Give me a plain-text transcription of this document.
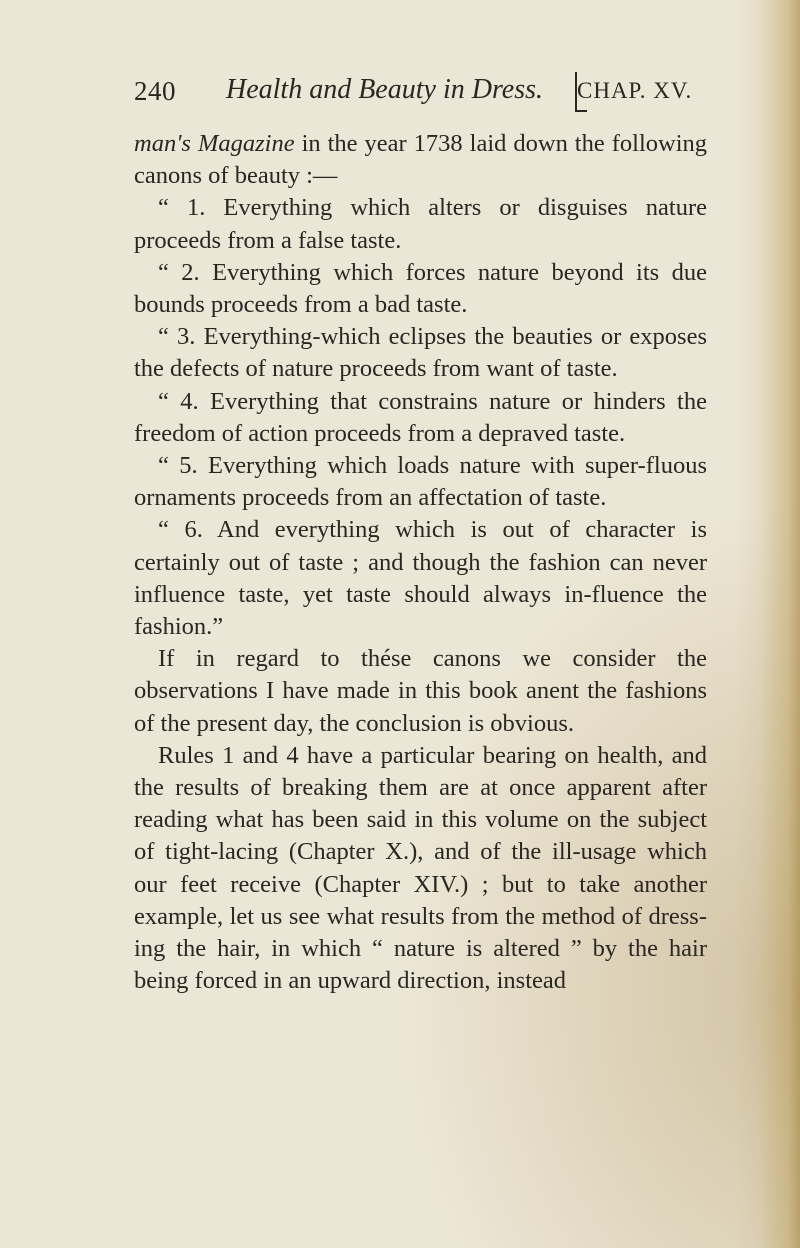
240 Health and Beauty in Dress. CHAP. XV.

man's Magazine in the year 1738 laid down the following canons of beauty :—

“ 1. Everything which alters or disguises nature proceeds from a false taste.

“ 2. Everything which forces nature beyond its due bounds proceeds from a bad taste.

“ 3. Everything-which eclipses the beauties or exposes the defects of nature proceeds from want of taste.

“ 4. Everything that constrains nature or hinders the freedom of action proceeds from a depraved taste.

“ 5. Everything which loads nature with super-fluous ornaments proceeds from an affectation of taste.

“ 6. And everything which is out of character is certainly out of taste ; and though the fashion can never influence taste, yet taste should always in-fluence the fashion.”

If in regard to thése canons we consider the observations I have made in this book anent the fashions of the present day, the conclusion is obvious.

Rules 1 and 4 have a particular bearing on health, and the results of breaking them are at once apparent after reading what has been said in this volume on the subject of tight-lacing (Chapter X.), and of the ill-usage which our feet receive (Chapter XIV.) ; but to take another example, let us see what results from the method of dress-ing the hair, in which “ nature is altered ” by the hair being forced in an upward direction, instead
